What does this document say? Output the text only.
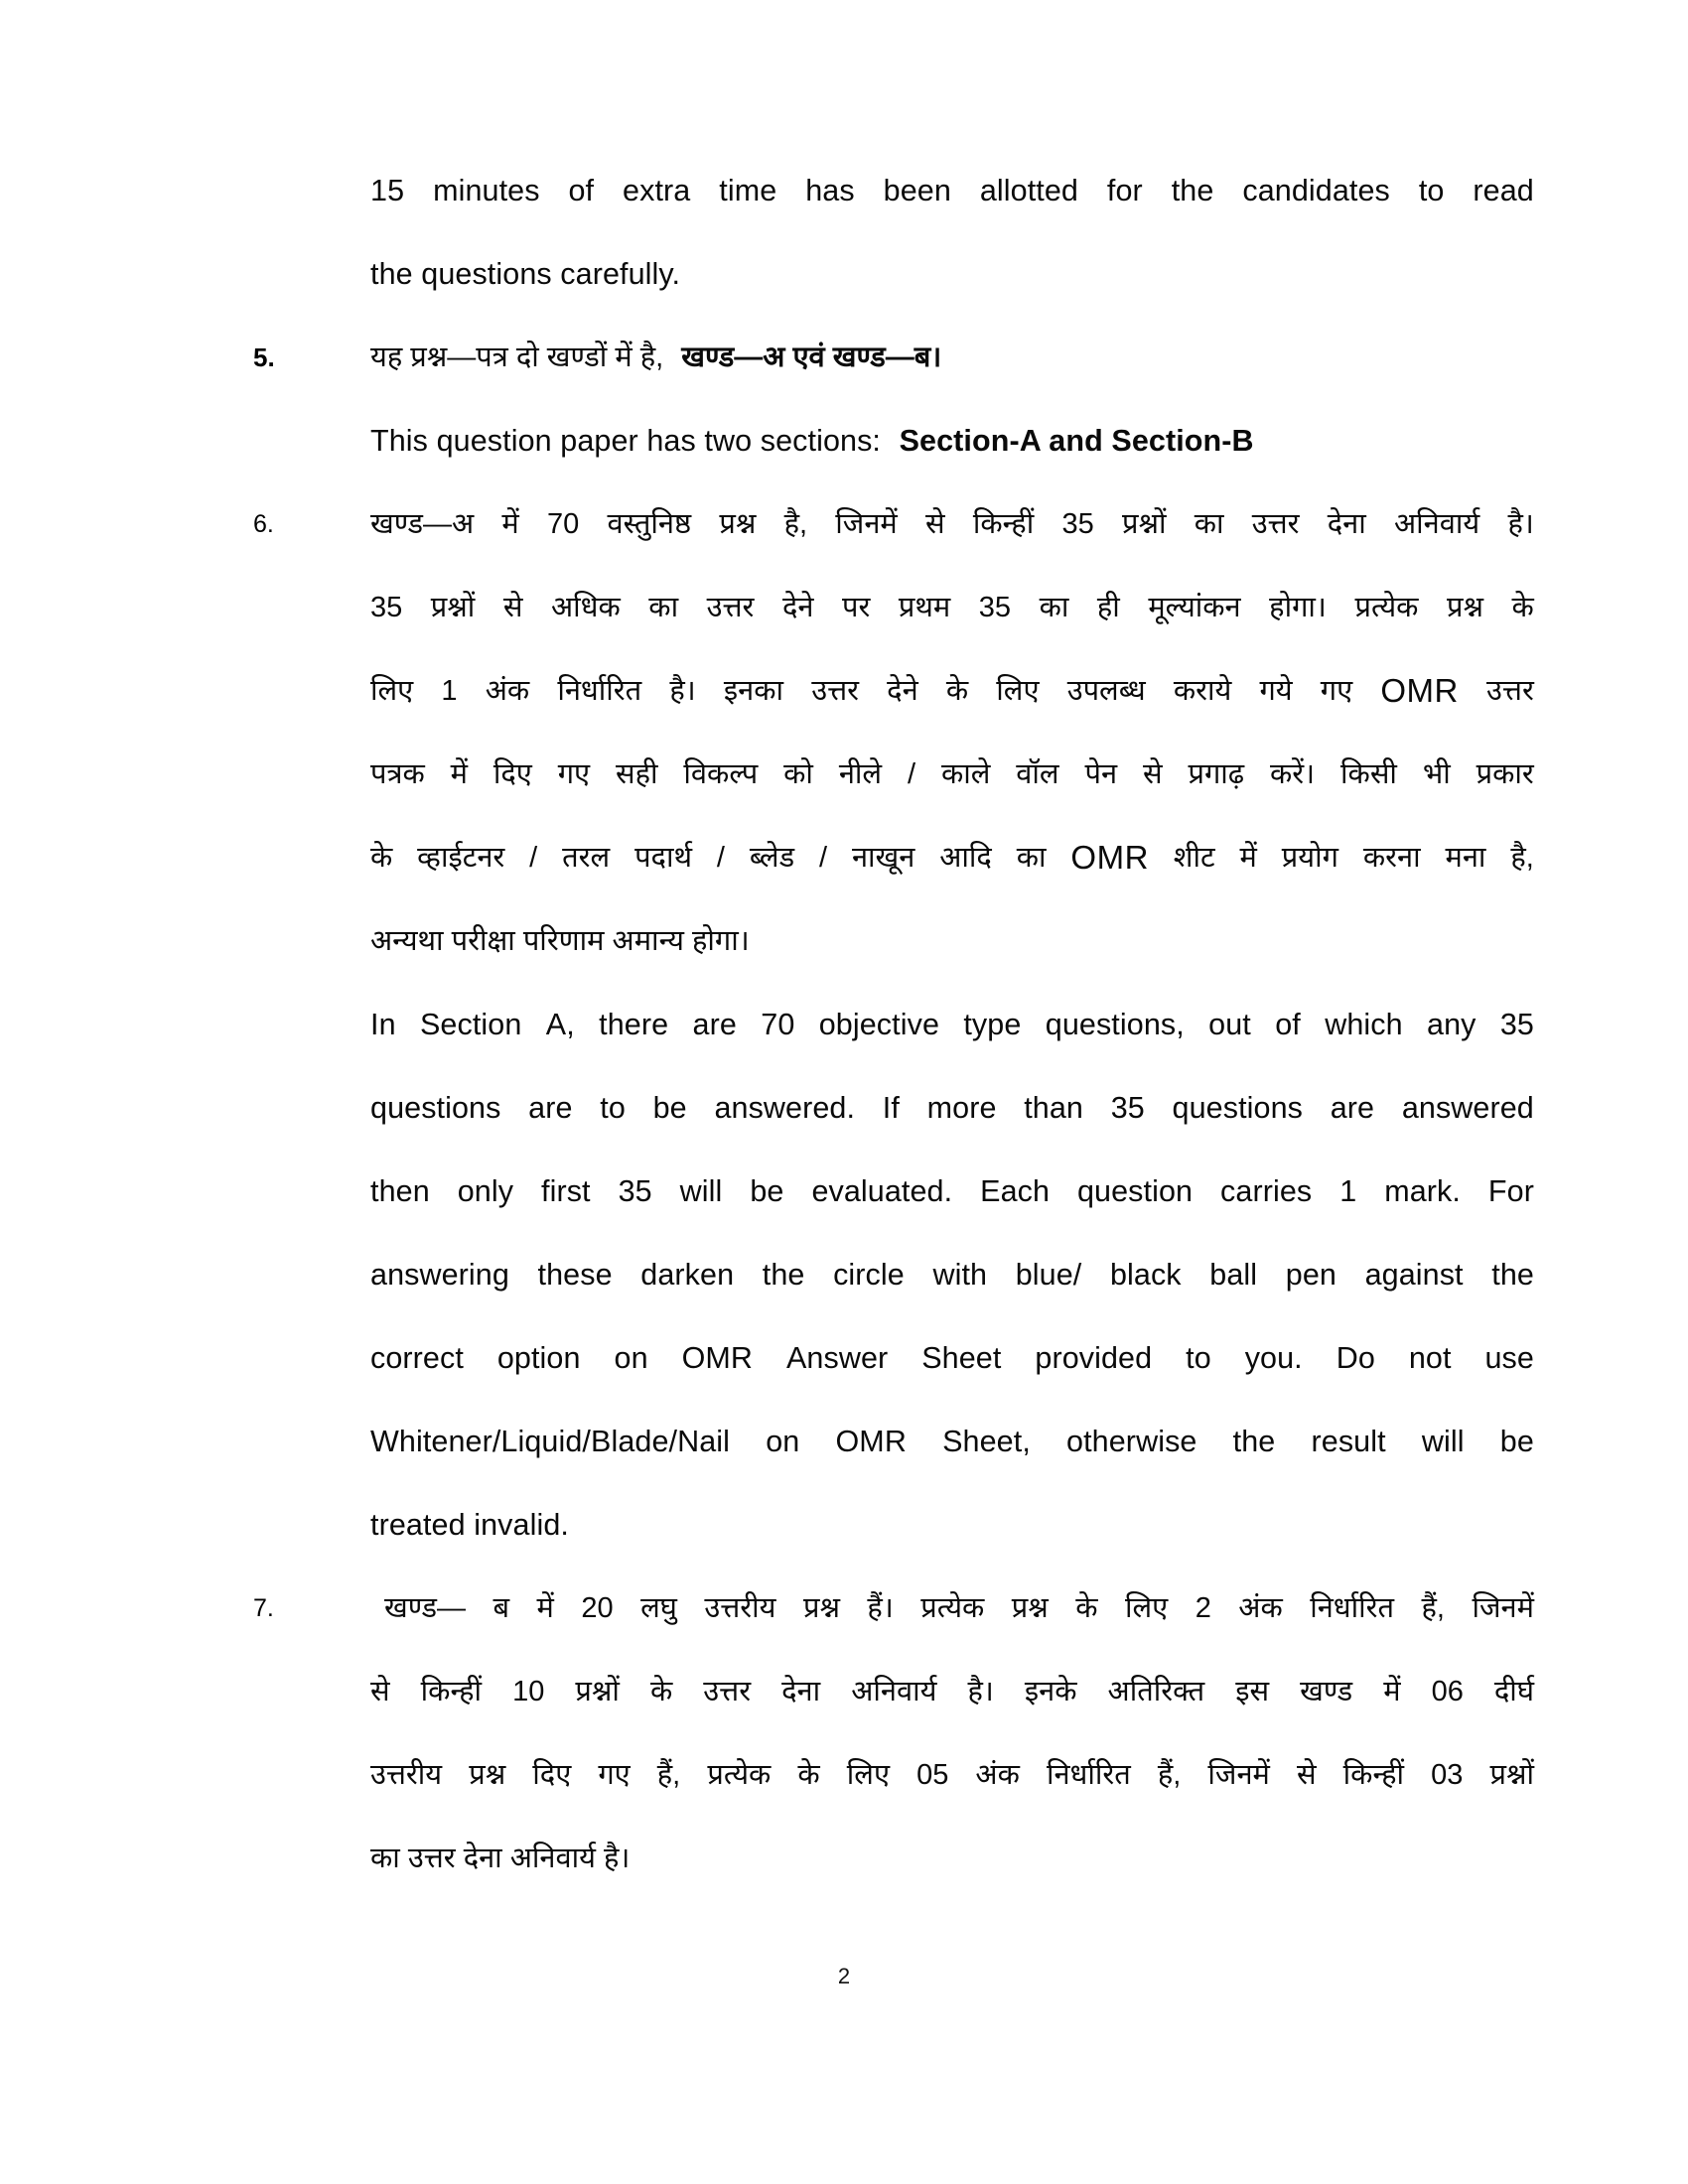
15 minutes of extra time has been allotted for the candidates to read
the questions carefully.
5.	यह प्रश्न—पत्र दो खण्डों में है, खण्ड—अ एवं खण्ड—ब।
This question paper has two sections: Section-A and Section-B
6.	खण्ड—अ में 70 वस्तुनिष्ठ प्रश्न है, जिनमें से किन्हीं 35 प्रश्नों का उत्तर देना अनिवार्य है।
35 प्रश्नों से अधिक का उत्तर देने पर प्रथम 35 का ही मूल्यांकन होगा। प्रत्येक प्रश्न के
लिए 1 अंक निर्धारित है। इनका उत्तर देने के लिए उपलब्ध कराये गये गए OMR उत्तर
पत्रक में दिए गए सही विकल्प को नीले / काले वॉल पेन से प्रगाढ़ करें। किसी भी प्रकार
के व्हाईटनर / तरल पदार्थ / ब्लेड / नाखून आदि का OMR शीट में प्रयोग करना मना है,
अन्यथा परीक्षा परिणाम अमान्य होगा।
In Section A, there are 70 objective type questions, out of which any 35
questions are to be answered. If more than 35 questions are answered
then only first 35 will be evaluated. Each question carries 1 mark. For
answering these darken the circle with blue/ black ball pen against the
correct option on OMR Answer Sheet provided to you. Do not use
Whitener/Liquid/Blade/Nail on OMR Sheet, otherwise the result will be
treated invalid.
7.	खण्ड— ब में 20 लघु उत्तरीय प्रश्न हैं। प्रत्येक प्रश्न के लिए 2 अंक निर्धारित हैं, जिनमें
से किन्हीं 10 प्रश्नों के उत्तर देना अनिवार्य है। इनके अतिरिक्त इस खण्ड में 06 दीर्घ
उत्तरीय प्रश्न दिए गए हैं, प्रत्येक के लिए 05 अंक निर्धारित हैं, जिनमें से किन्हीं 03 प्रश्नों
का उत्तर देना अनिवार्य है।
2
